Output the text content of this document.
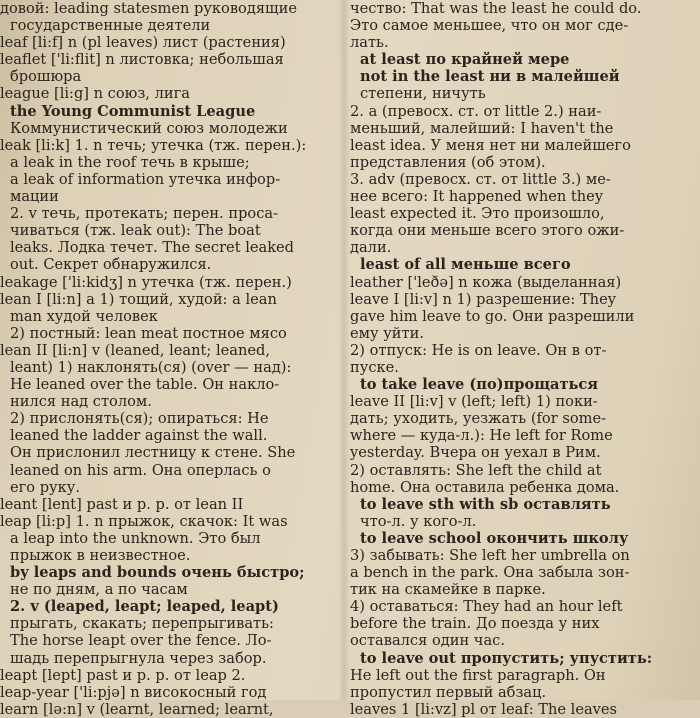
довой: leading statesmen руководящие
государственные деятели
leaf [li:f] n (pl leaves) лист (растения)
leaflet ['li:flit] n листовка; небольшая
брошюра
league [li:g] n союз, лига
the Young Communist League
Коммунистический союз молодежи
leak [li:k] 1. n течь; утечка (тж. перен.):
a leak in the roof течь в крыше;
a leak of information утечка инфор-
мации
2. v течь, протекать; перен. проса-
чиваться (тж. leak out): The boat
leaks. Лодка течет. The secret leaked
out. Секрет обнаружился.
leakage ['li:kidʒ] n утечка (тж. перен.)
lean I [li:n] a 1) тощий, худой: a lean
man худой человек
2) постный: lean meat постное мясо
lean II [li:n] v (leaned, leant; leaned,
leant) 1) наклонять(ся) (over — над):
He leaned over the table. Он накло-
нился над столом.
2) прислонять(ся); опираться: He
leaned the ladder against the wall.
Он прислонил лестницу к стене. She
leaned on his arm. Она оперлась о
его руку.
leant [lent] past и p. p. от lean II
leap [li:p] 1. n прыжок, скачок: It was
a leap into the unknown. Это был
прыжок в неизвестное.
by leaps and bounds очень быстро;
не по дням, а по часам
2. v (leaped, leapt; leaped, leapt)
прыгать, скакать; перепрыгивать:
The horse leapt over the fence. Ло-
шадь перепрыгнула через забор.
leapt [lept] past и p. p. от leap 2.
leap-year ['li:pjə] n високосный год
learn [lə:n] v (learnt, learned; learnt,
чество: That was the least he could do.
Это самое меньшее, что он мог сде-
лать.
at least по крайней мере
not in the least ни в малейшей
степени, ничуть
2. a (превосх. ст. от little 2.) наи-
меньший, малейший: I haven't the
least idea. У меня нет ни малейшего
представления (об этом).
3. adv (превосх. ст. от little 3.) ме-
нее всего: It happened when they
least expected it. Это произошло,
когда они меньше всего этого ожи-
дали.
least of all меньше всего
leather ['leðə] n кожа (выделанная)
leave I [li:v] n 1) разрешение: They
gave him leave to go. Они разрешили
ему уйти.
2) отпуск: He is on leave. Он в от-
пуске.
to take leave (по)прощаться
leave II [li:v] v (left; left) 1) поки-
дать; уходить, уезжать (for some-
where — куда-л.): He left for Rome
yesterday. Вчера он уехал в Рим.
2) оставлять: She left the child at
home. Она оставила ребенка дома.
to leave sth with sb оставлять
что-л. у кого-л.
to leave school окончить школу
3) забывать: She left her umbrella on
a bench in the park. Она забыла зон-
тик на скамейке в парке.
4) оставаться: They had an hour left
before the train. До поезда у них
оставался один час.
to leave out пропустить; упустить:
He left out the first paragraph. Он
пропустил первый абзац.
leaves 1 [li:vz] pl от leaf: The leaves
